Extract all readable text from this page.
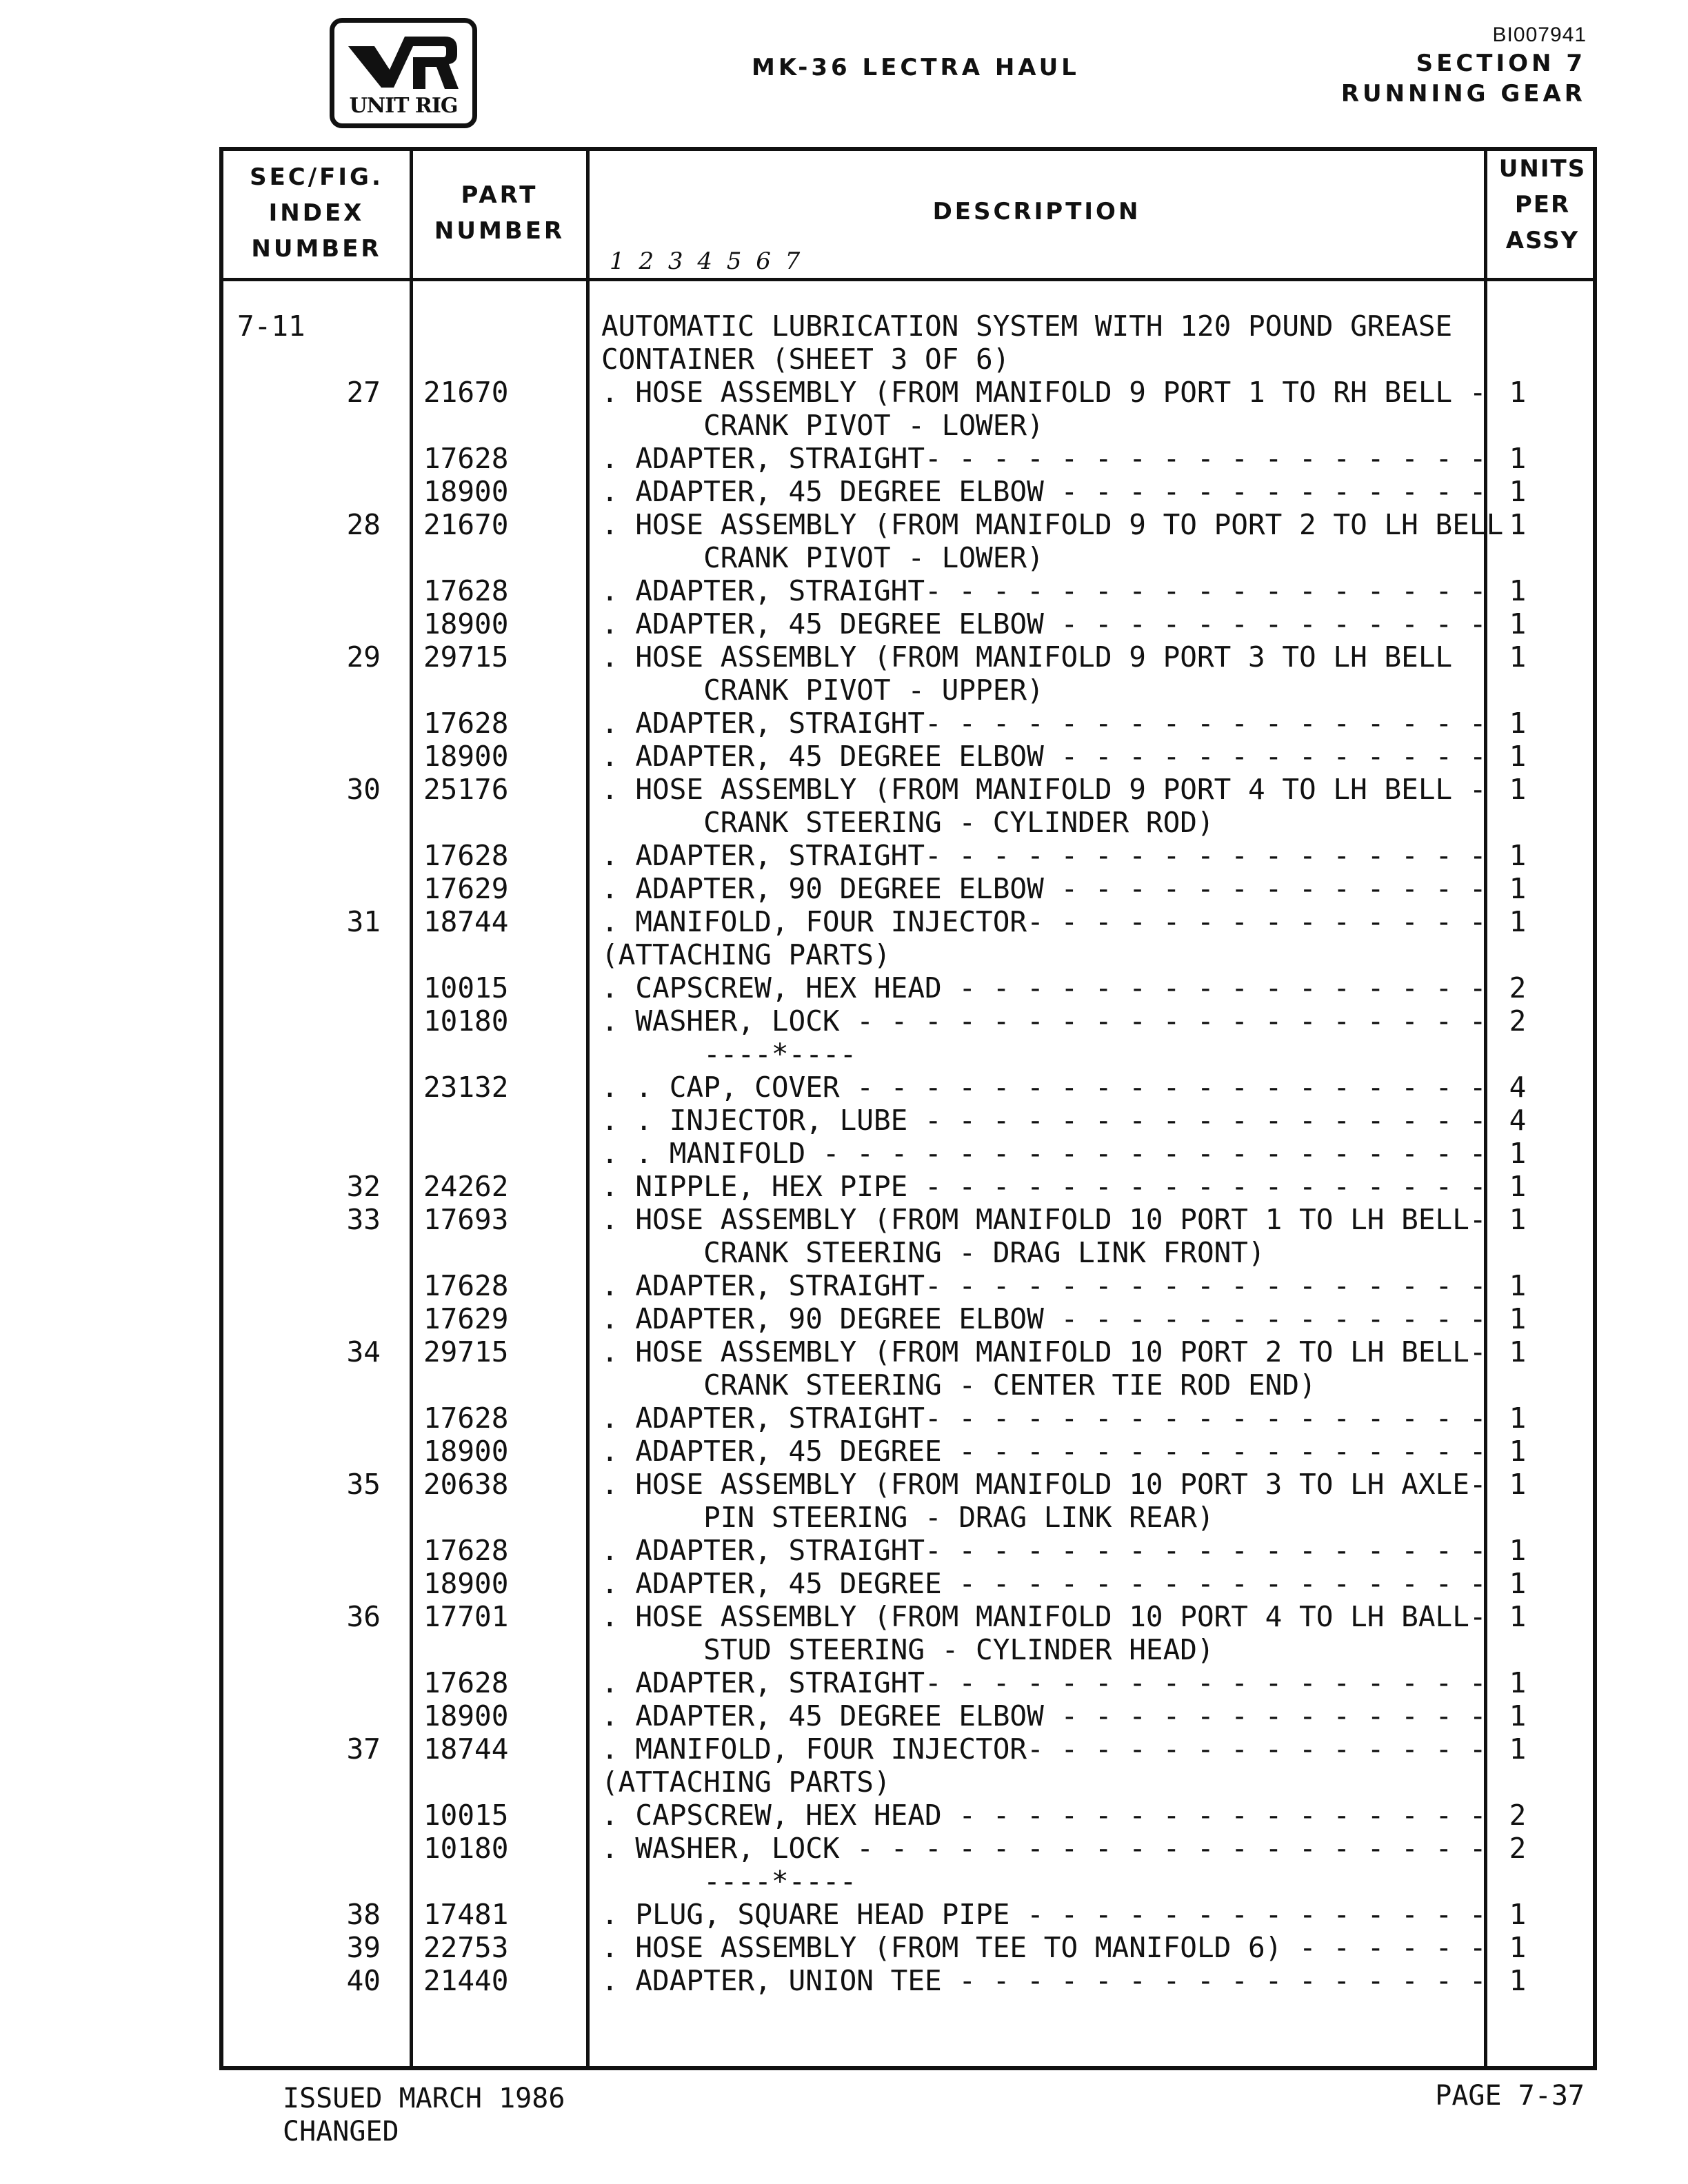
UNIT RIG
BI007941
MK-36 LECTRA HAUL	SECTION 7
RUNNING GEAR
SEC/FIG.
INDEX
NUMBER
PART
NUMBER
DESCRIPTION
1 2 3 4 5 6 7
UNITS
PER
ASSY
7-11	AUTOMATIC LUBRICATION SYSTEM WITH 120 POUND GREASE
CONTAINER (SHEET 3 OF 6)
27 21670	. HOSE ASSEMBLY (FROM MANIFOLD 9 PORT 1 TO RH BELL - 1
CRANK PIVOT - LOWER)
17628	. ADAPTER, STRAIGHT- - - - - - - - - - - - - - - - - 1
18900	. ADAPTER, 45 DEGREE ELBOW - - - - - - - - - - - - - 1
28 21670	. HOSE ASSEMBLY (FROM MANIFOLD 9 TO PORT 2 TO LH BELL 1
CRANK PIVOT - LOWER)
17628	. ADAPTER, STRAIGHT- - - - - - - - - - - - - - - - - 1
18900	. ADAPTER, 45 DEGREE ELBOW - - - - - - - - - - - - - 1
29 29715	. HOSE ASSEMBLY (FROM MANIFOLD 9 PORT 3 TO LH BELL	1
CRANK PIVOT - UPPER)
17628	. ADAPTER, STRAIGHT- - - - - - - - - - - - - - - - - 1
18900	. ADAPTER, 45 DEGREE ELBOW - - - - - - - - - - - - - 1
30 25176	. HOSE ASSEMBLY (FROM MANIFOLD 9 PORT 4 TO LH BELL - 1
CRANK STEERING - CYLINDER ROD)
17628	. ADAPTER, STRAIGHT- - - - - - - - - - - - - - - - - 1
17629	. ADAPTER, 90 DEGREE ELBOW - - - - - - - - - - - - - 1
31 18744	. MANIFOLD, FOUR INJECTOR- - - - - - - - - - - - - - 1
(ATTACHING PARTS)
10015	. CAPSCREW, HEX HEAD - - - - - - - - - - - - - - - - 2
10180	. WASHER, LOCK - - - - - - - - - - - - - - - - - - - 2
----*----
23132	. . CAP, COVER - - - - - - - - - - - - - - - - - - - 4
. . INJECTOR, LUBE - - - - - - - - - - - - - - - - - 4
. . MANIFOLD - - - - - - - - - - - - - - - - - - - - 1
32 24262	. NIPPLE, HEX PIPE - - - - - - - - - - - - - - - - - 1
33 17693	. HOSE ASSEMBLY (FROM MANIFOLD 10 PORT 1 TO LH BELL- 1
CRANK STEERING - DRAG LINK FRONT)
17628	. ADAPTER, STRAIGHT- - - - - - - - - - - - - - - - - 1
17629	. ADAPTER, 90 DEGREE ELBOW - - - - - - - - - - - - - 1
34 29715	. HOSE ASSEMBLY (FROM MANIFOLD 10 PORT 2 TO LH BELL- 1
CRANK STEERING - CENTER TIE ROD END)
17628	. ADAPTER, STRAIGHT- - - - - - - - - - - - - - - - - 1
18900	. ADAPTER, 45 DEGREE - - - - - - - - - - - - - - - - 1
35 20638	. HOSE ASSEMBLY (FROM MANIFOLD 10 PORT 3 TO LH AXLE- 1
PIN STEERING - DRAG LINK REAR)
17628	. ADAPTER, STRAIGHT- - - - - - - - - - - - - - - - - 1
18900	. ADAPTER, 45 DEGREE - - - - - - - - - - - - - - - - 1
36 17701	. HOSE ASSEMBLY (FROM MANIFOLD 10 PORT 4 TO LH BALL- 1
STUD STEERING - CYLINDER HEAD)
17628	. ADAPTER, STRAIGHT- - - - - - - - - - - - - - - - - 1
18900	. ADAPTER, 45 DEGREE ELBOW - - - - - - - - - - - - - 1
37 18744	. MANIFOLD, FOUR INJECTOR- - - - - - - - - - - - - - 1
(ATTACHING PARTS)
10015	. CAPSCREW, HEX HEAD - - - - - - - - - - - - - - - - 2
10180	. WASHER, LOCK - - - - - - - - - - - - - - - - - - - 2
----*----
38 17481	. PLUG, SQUARE HEAD PIPE - - - - - - - - - - - - - - 1
39 22753	. HOSE ASSEMBLY (FROM TEE TO MANIFOLD 6) - - - - - - 1
40 21440	. ADAPTER, UNION TEE - - - - - - - - - - - - - - - - 1
ISSUED MARCH 1986
CHANGED
PAGE 7-37
